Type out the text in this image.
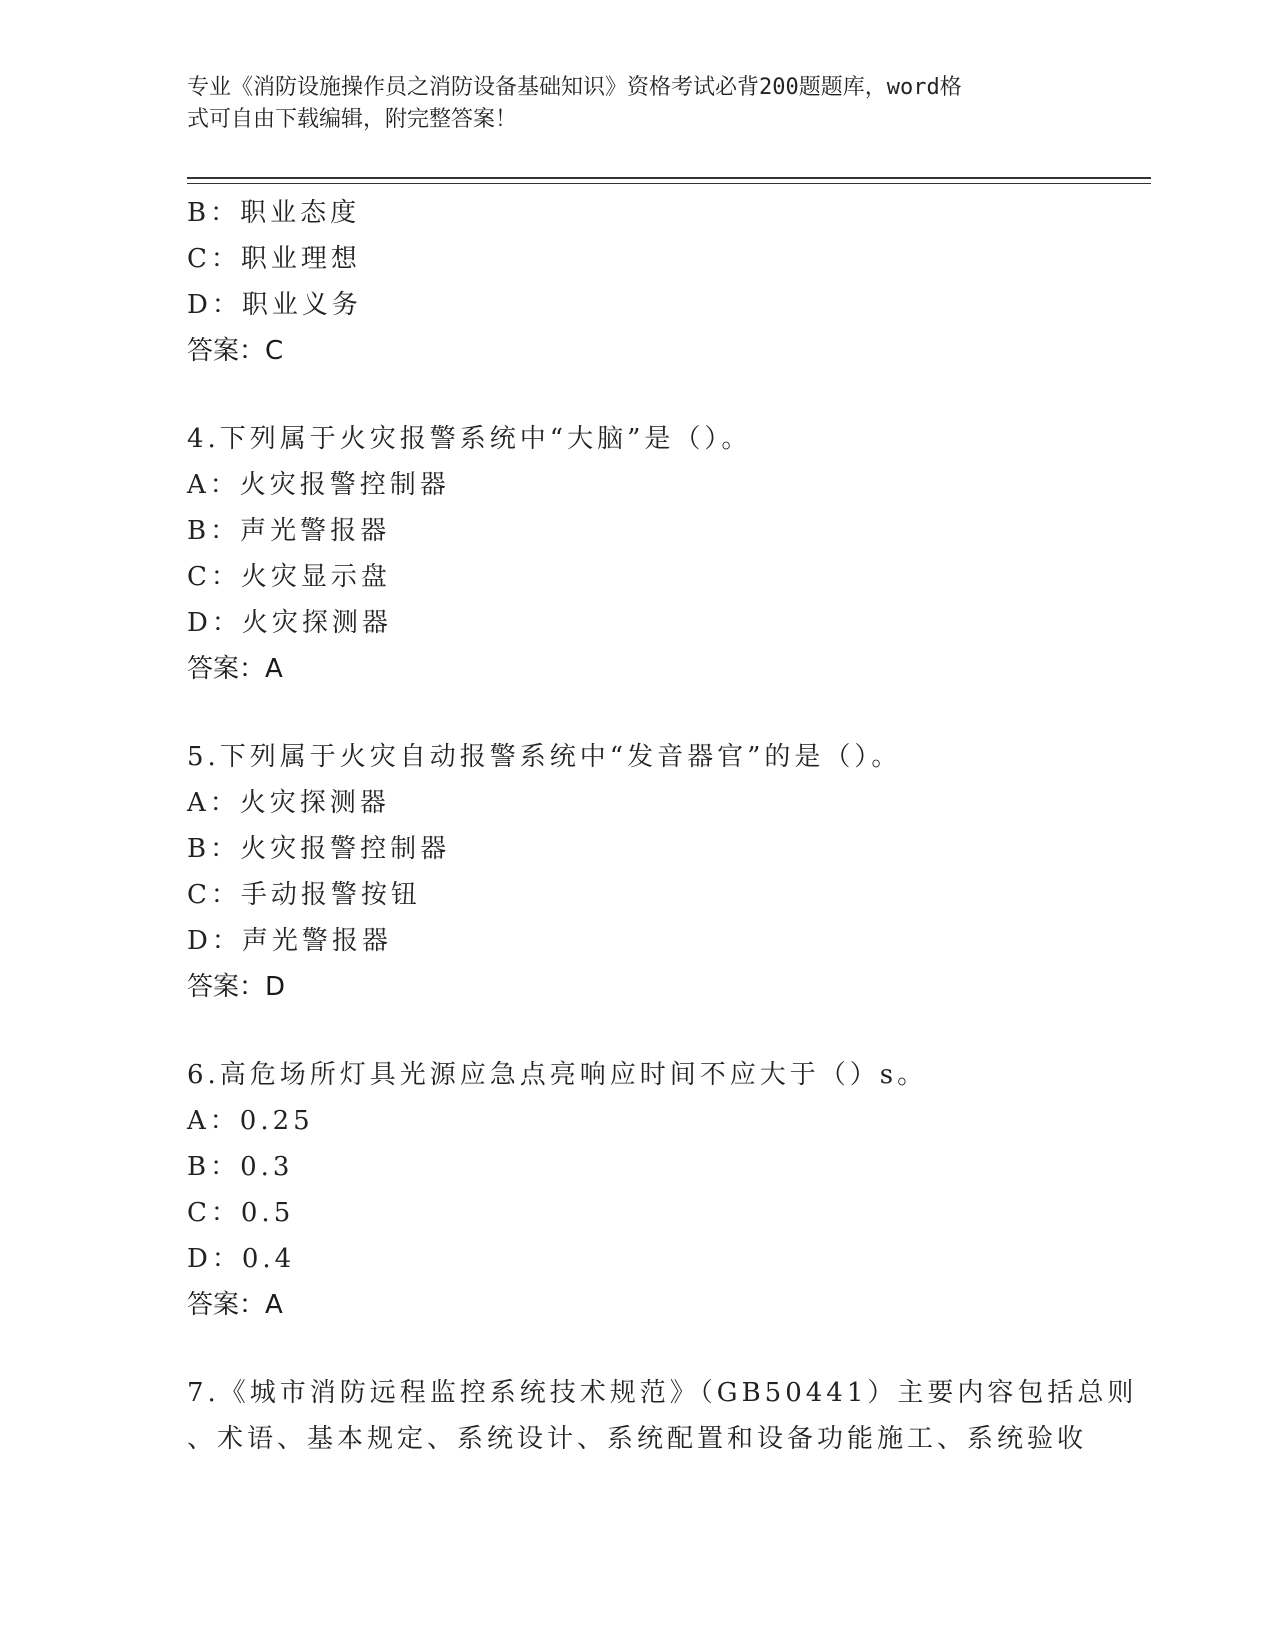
专业《消防设施操作员之消防设备基础知识》资格考试必背200题题库，word格
式可自由下载编辑，附完整答案！
B：职业态度
C：职业理想
D：职业义务
答案：C
4.下列属于火灾报警系统中“大脑”是（）。
A：火灾报警控制器
B：声光警报器
C：火灾显示盘
D：火灾探测器
答案：A
5.下列属于火灾自动报警系统中“发音器官”的是（）。
A：火灾探测器
B：火灾报警控制器
C：手动报警按钮
D：声光警报器
答案：D
6.高危场所灯具光源应急点亮响应时间不应大于（）s。
A：0.25
B：0.3
C：0.5
D：0.4
答案：A
7.《城市消防远程监控系统技术规范》（GB50441）主要内容包括总则
、术语、基本规定、系统设计、系统配置和设备功能施工、系统验收
